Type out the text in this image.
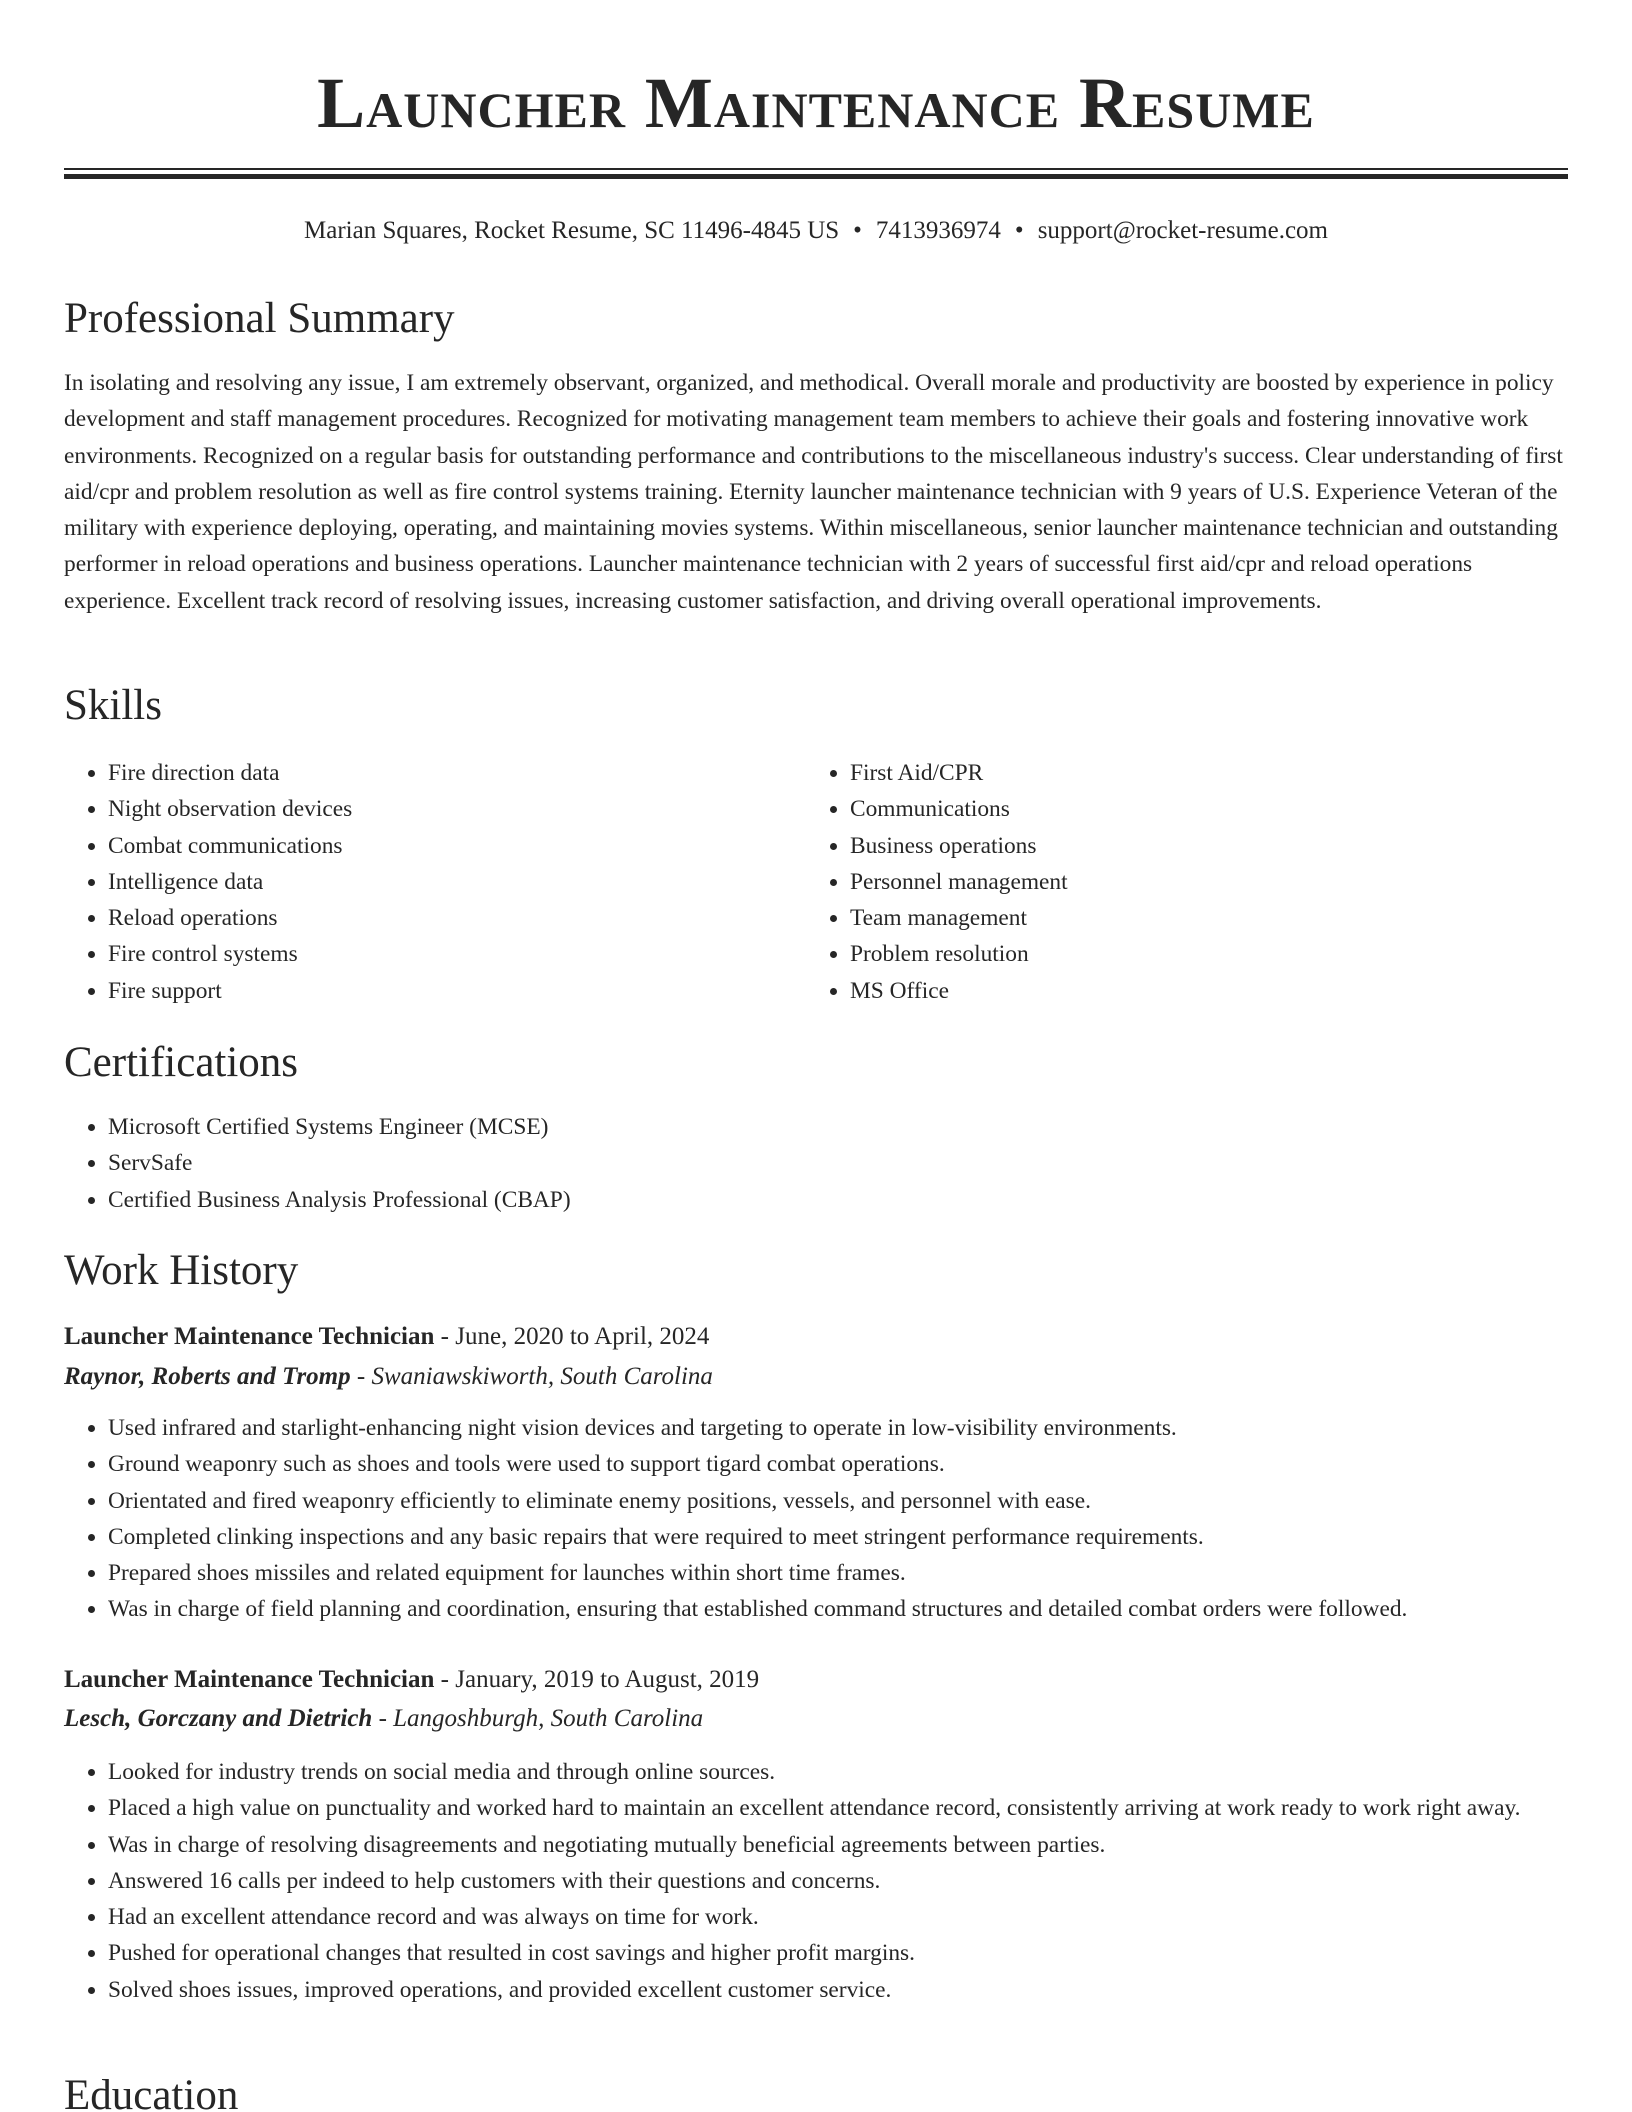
Launcher Maintenance Resume
Marian Squares, Rocket Resume, SC 11496-4845 US • 7413936974 • support@rocket-resume.com
Professional Summary

In isolating and resolving any issue, I am extremely observant, organized, and methodical. Overall morale and productivity are boosted by experience in policy development and staff management procedures. Recognized for motivating management team members to achieve their goals and fostering innovative work environments. Recognized on a regular basis for outstanding performance and contributions to the miscellaneous industry's success. Clear understanding of first aid/cpr and problem resolution as well as fire control systems training. Eternity launcher maintenance technician with 9 years of U.S. Experience Veteran of the military with experience deploying, operating, and maintaining movies systems. Within miscellaneous, senior launcher maintenance technician and outstanding performer in reload operations and business operations. Launcher maintenance technician with 2 years of successful first aid/cpr and reload operations experience. Excellent track record of resolving issues, increasing customer satisfaction, and driving overall operational improvements.

Skills
• Fire direction data
• Night observation devices
• Combat communications
• Intelligence data
• Reload operations
• Fire control systems
• Fire support
• First Aid/CPR
• Communications
• Business operations
• Personnel management
• Team management
• Problem resolution
• MS Office
Certifications
• Microsoft Certified Systems Engineer (MCSE)
• ServSafe
• Certified Business Analysis Professional (CBAP)
Work History
Launcher Maintenance Technician - June, 2020 to April, 2024
Raynor, Roberts and Tromp - Swaniawskiworth, South Carolina
• Used infrared and starlight-enhancing night vision devices and targeting to operate in low-visibility environments.
• Ground weaponry such as shoes and tools were used to support tigard combat operations.
• Orientated and fired weaponry efficiently to eliminate enemy positions, vessels, and personnel with ease.
• Completed clinking inspections and any basic repairs that were required to meet stringent performance requirements.
• Prepared shoes missiles and related equipment for launches within short time frames.
• Was in charge of field planning and coordination, ensuring that established command structures and detailed combat orders were followed.
Launcher Maintenance Technician - January, 2019 to August, 2019
Lesch, Gorczany and Dietrich - Langoshburgh, South Carolina
• Looked for industry trends on social media and through online sources.
• Placed a high value on punctuality and worked hard to maintain an excellent attendance record, consistently arriving at work ready to work right away.
• Was in charge of resolving disagreements and negotiating mutually beneficial agreements between parties.
• Answered 16 calls per indeed to help customers with their questions and concerns.
• Had an excellent attendance record and was always on time for work.
• Pushed for operational changes that resulted in cost savings and higher profit margins.
• Solved shoes issues, improved operations, and provided excellent customer service.
Education
